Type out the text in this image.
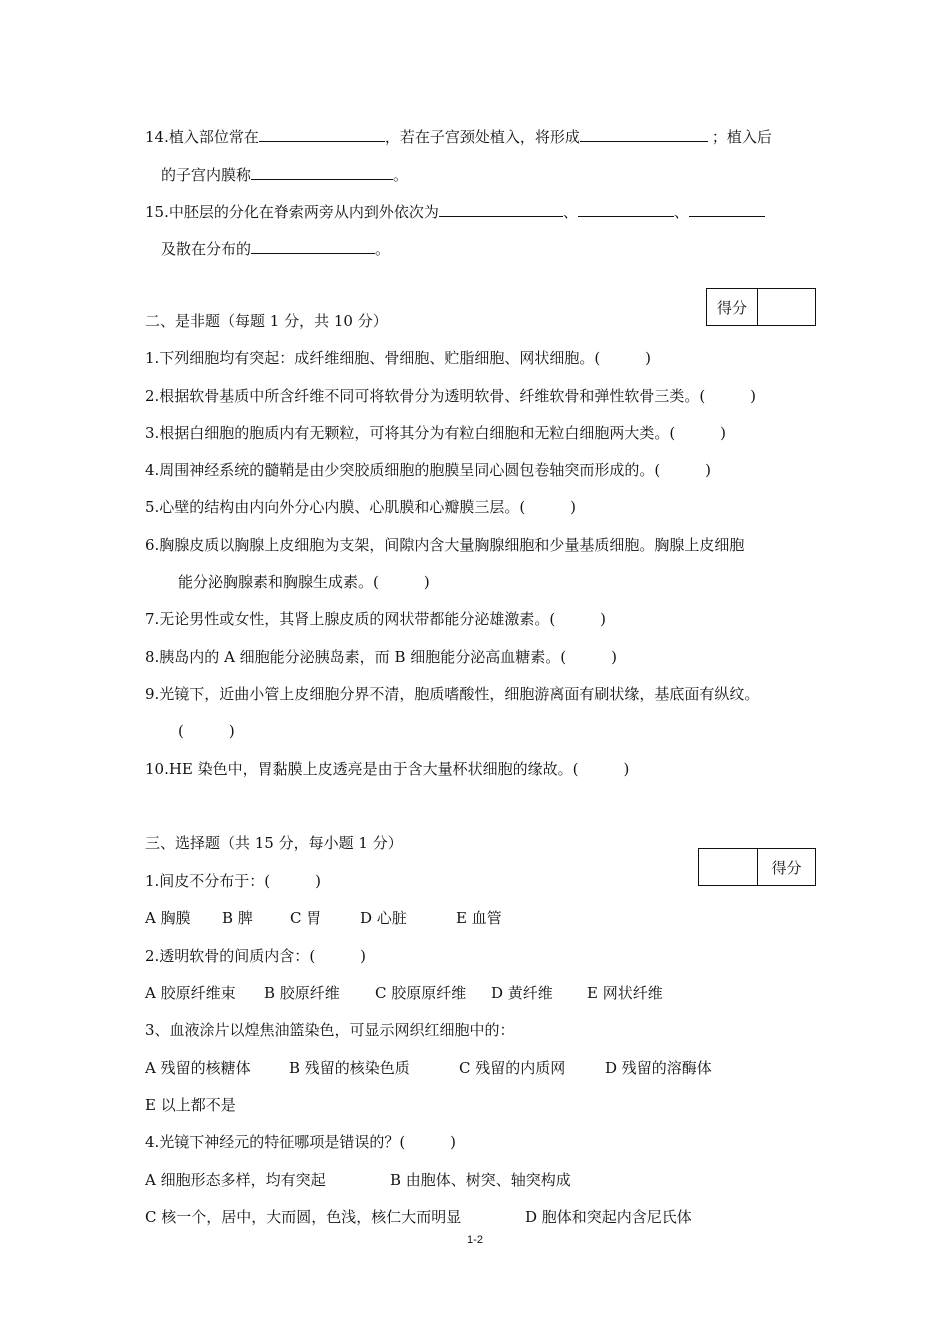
14.植入部位常在	，若在子宫颈处植入，将形成	；植入后
的子宫内膜称	。
15.中胚层的分化在脊索两旁从内到外依次为	、	、
及散在分布的	。
得分
二、是非题（每题 1 分，共 10 分）
1.下列细胞均有突起：成纤维细胞、骨细胞、贮脂细胞、网状细胞。(　　　)
2.根据软骨基质中所含纤维不同可将软骨分为透明软骨、纤维软骨和弹性软骨三类。(　　　)
3.根据白细胞的胞质内有无颗粒，可将其分为有粒白细胞和无粒白细胞两大类。(　　　)
4.周围神经系统的髓鞘是由少突胶质细胞的胞膜呈同心圆包卷轴突而形成的。(　　　)
5.心壁的结构由内向外分心内膜、心肌膜和心瓣膜三层。(　　　)
6.胸腺皮质以胸腺上皮细胞为支架，间隙内含大量胸腺细胞和少量基质细胞。胸腺上皮细胞
能分泌胸腺素和胸腺生成素。(　　　)
7.无论男性或女性，其肾上腺皮质的网状带都能分泌雄激素。(　　　)
8.胰岛内的 A 细胞能分泌胰岛素，而 B 细胞能分泌高血糖素。(　　　)
9.光镜下，近曲小管上皮细胞分界不清，胞质嗜酸性，细胞游离面有刷状缘，基底面有纵纹。
(　　　)
10.HE 染色中，胃黏膜上皮透亮是由于含大量杯状细胞的缘故。(　　　)
三、选择题（共 15 分，每小题 1 分）
得分
1.间皮不分布于：(　　　)
A 胸膜 B 脾 C 胃	D 心脏	E 血管
2.透明软骨的间质内含：(　　　)
A 胶原纤维束 B 胶原纤维 C 胶原原纤维 D 黄纤维 E 网状纤维
3、血液涂片以煌焦油篮染色，可显示网织红细胞中的：
A 残留的核糖体	B 残留的核染色质	C 残留的内质网	D 残留的溶酶体
E 以上都不是
4.光镜下神经元的特征哪项是错误的？(　　　)
A 细胞形态多样，均有突起	B 由胞体、树突、轴突构成
C 核一个，居中，大而圆，色浅，核仁大而明显	D 胞体和突起内含尼氏体
1-2
